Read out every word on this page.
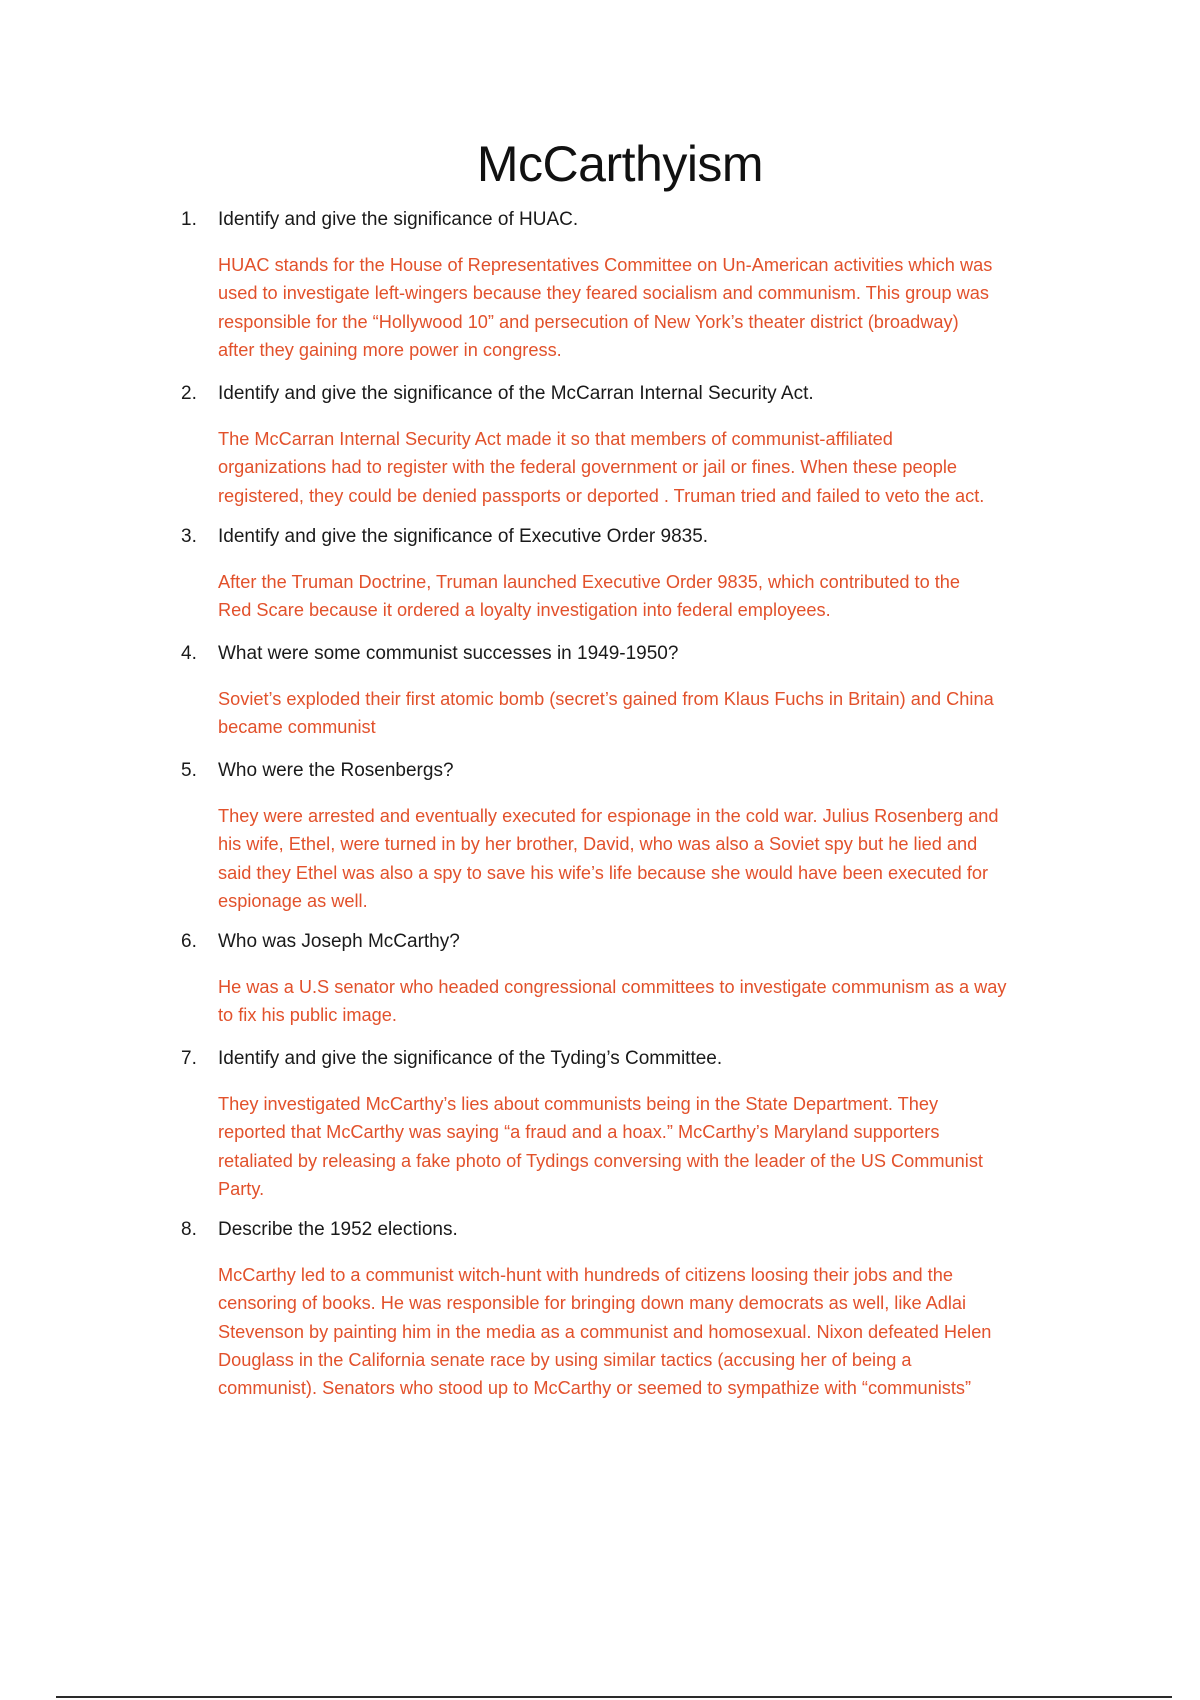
McCarthyism
1.	Identify and give the significance of HUAC.
HUAC stands for the House of Representatives Committee on Un-American activities which was
used to investigate left-wingers because they feared socialism and communism. This group was
responsible for the “Hollywood 10” and persecution of New York’s theater district (broadway)
after they gaining more power in congress.
2.	Identify and give the significance of the McCarran Internal Security Act.
The McCarran Internal Security Act made it so that members of communist-affiliated
organizations had to register with the federal government or jail or fines. When these people
registered, they could be denied passports or deported . Truman tried and failed to veto the act.
3.	Identify and give the significance of Executive Order 9835.
After the Truman Doctrine, Truman launched Executive Order 9835, which contributed to the
Red Scare because it ordered a loyalty investigation into federal employees.
4.	What were some communist successes in 1949-1950?
Soviet’s exploded their first atomic bomb (secret’s gained from Klaus Fuchs in Britain) and China
became communist
5.	Who were the Rosenbergs?
They were arrested and eventually executed for espionage in the cold war. Julius Rosenberg and
his wife, Ethel, were turned in by her brother, David, who was also a Soviet spy but he lied and
said they Ethel was also a spy to save his wife’s life because she would have been executed for
espionage as well.
6.	Who was Joseph McCarthy?
He was a U.S senator who headed congressional committees to investigate communism as a way
to fix his public image.
7.	Identify and give the significance of the Tyding’s Committee.
They investigated McCarthy’s lies about communists being in the State Department. They
reported that McCarthy was saying “a fraud and a hoax.” McCarthy’s Maryland supporters
retaliated by releasing a fake photo of Tydings conversing with the leader of the US Communist
Party.
8.	Describe the 1952 elections.
McCarthy led to a communist witch-hunt with hundreds of citizens loosing their jobs and the
censoring of books. He was responsible for bringing down many democrats as well, like Adlai
Stevenson by painting him in the media as a communist and homosexual. Nixon defeated Helen
Douglass in the California senate race by using similar tactics (accusing her of being a
communist). Senators who stood up to McCarthy or seemed to sympathize with “communists”
